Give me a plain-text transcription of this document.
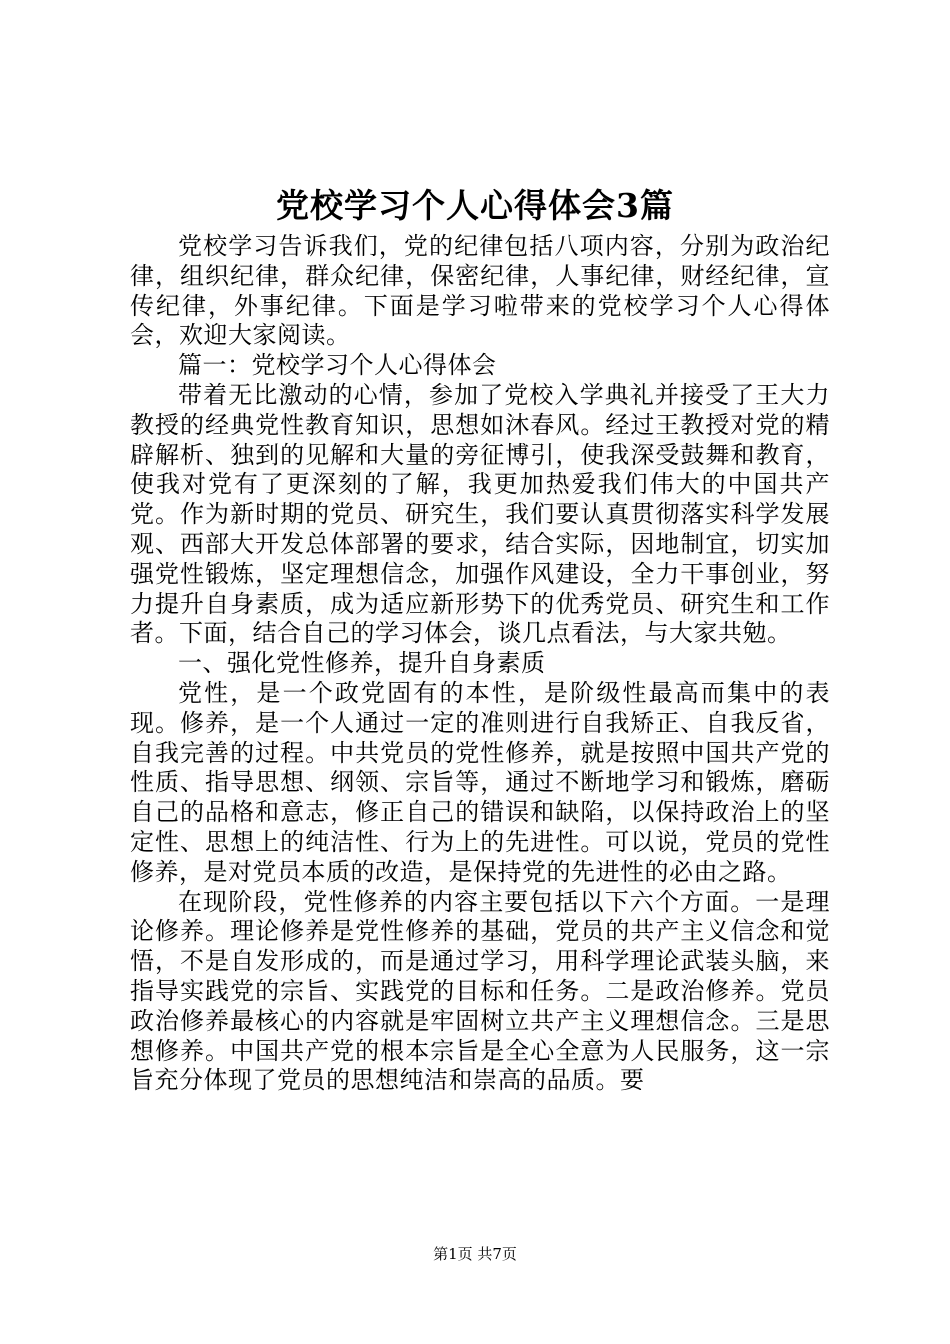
党校学习个人心得体会3篇

党校学习告诉我们，党的纪律包括八项内容，分别为政治纪律，组织纪律，群众纪律，保密纪律，人事纪律，财经纪律，宣传纪律，外事纪律。下面是学习啦带来的党校学习个人心得体会，欢迎大家阅读。

篇一：党校学习个人心得体会

带着无比激动的心情，参加了党校入学典礼并接受了王大力教授的经典党性教育知识，思想如沐春风。经过王教授对党的精辟解析、独到的见解和大量的旁征博引，使我深受鼓舞和教育，使我对党有了更深刻的了解，我更加热爱我们伟大的中国共产党。作为新时期的党员、研究生，我们要认真贯彻落实科学发展观、西部大开发总体部署的要求，结合实际，因地制宜，切实加强党性锻炼，坚定理想信念，加强作风建设，全力干事创业，努力提升自身素质，成为适应新形势下的优秀党员、研究生和工作者。下面，结合自己的学习体会，谈几点看法，与大家共勉。

一、强化党性修养，提升自身素质

党性，是一个政党固有的本性，是阶级性最高而集中的表现。修养，是一个人通过一定的准则进行自我矫正、自我反省，自我完善的过程。中共党员的党性修养，就是按照中国共产党的性质、指导思想、纲领、宗旨等，通过不断地学习和锻炼，磨砺自己的品格和意志，修正自己的错误和缺陷，以保持政治上的坚定性、思想上的纯洁性、行为上的先进性。可以说，党员的党性修养，是对党员本质的改造，是保持党的先进性的必由之路。

在现阶段，党性修养的内容主要包括以下六个方面。一是理论修养。理论修养是党性修养的基础，党员的共产主义信念和觉悟，不是自发形成的，而是通过学习，用科学理论武装头脑，来指导实践党的宗旨、实践党的目标和任务。二是政治修养。党员政治修养最核心的内容就是牢固树立共产主义理想信念。三是思想修养。中国共产党的根本宗旨是全心全意为人民服务，这一宗旨充分体现了党员的思想纯洁和崇高的品质。要

第1页 共7页
